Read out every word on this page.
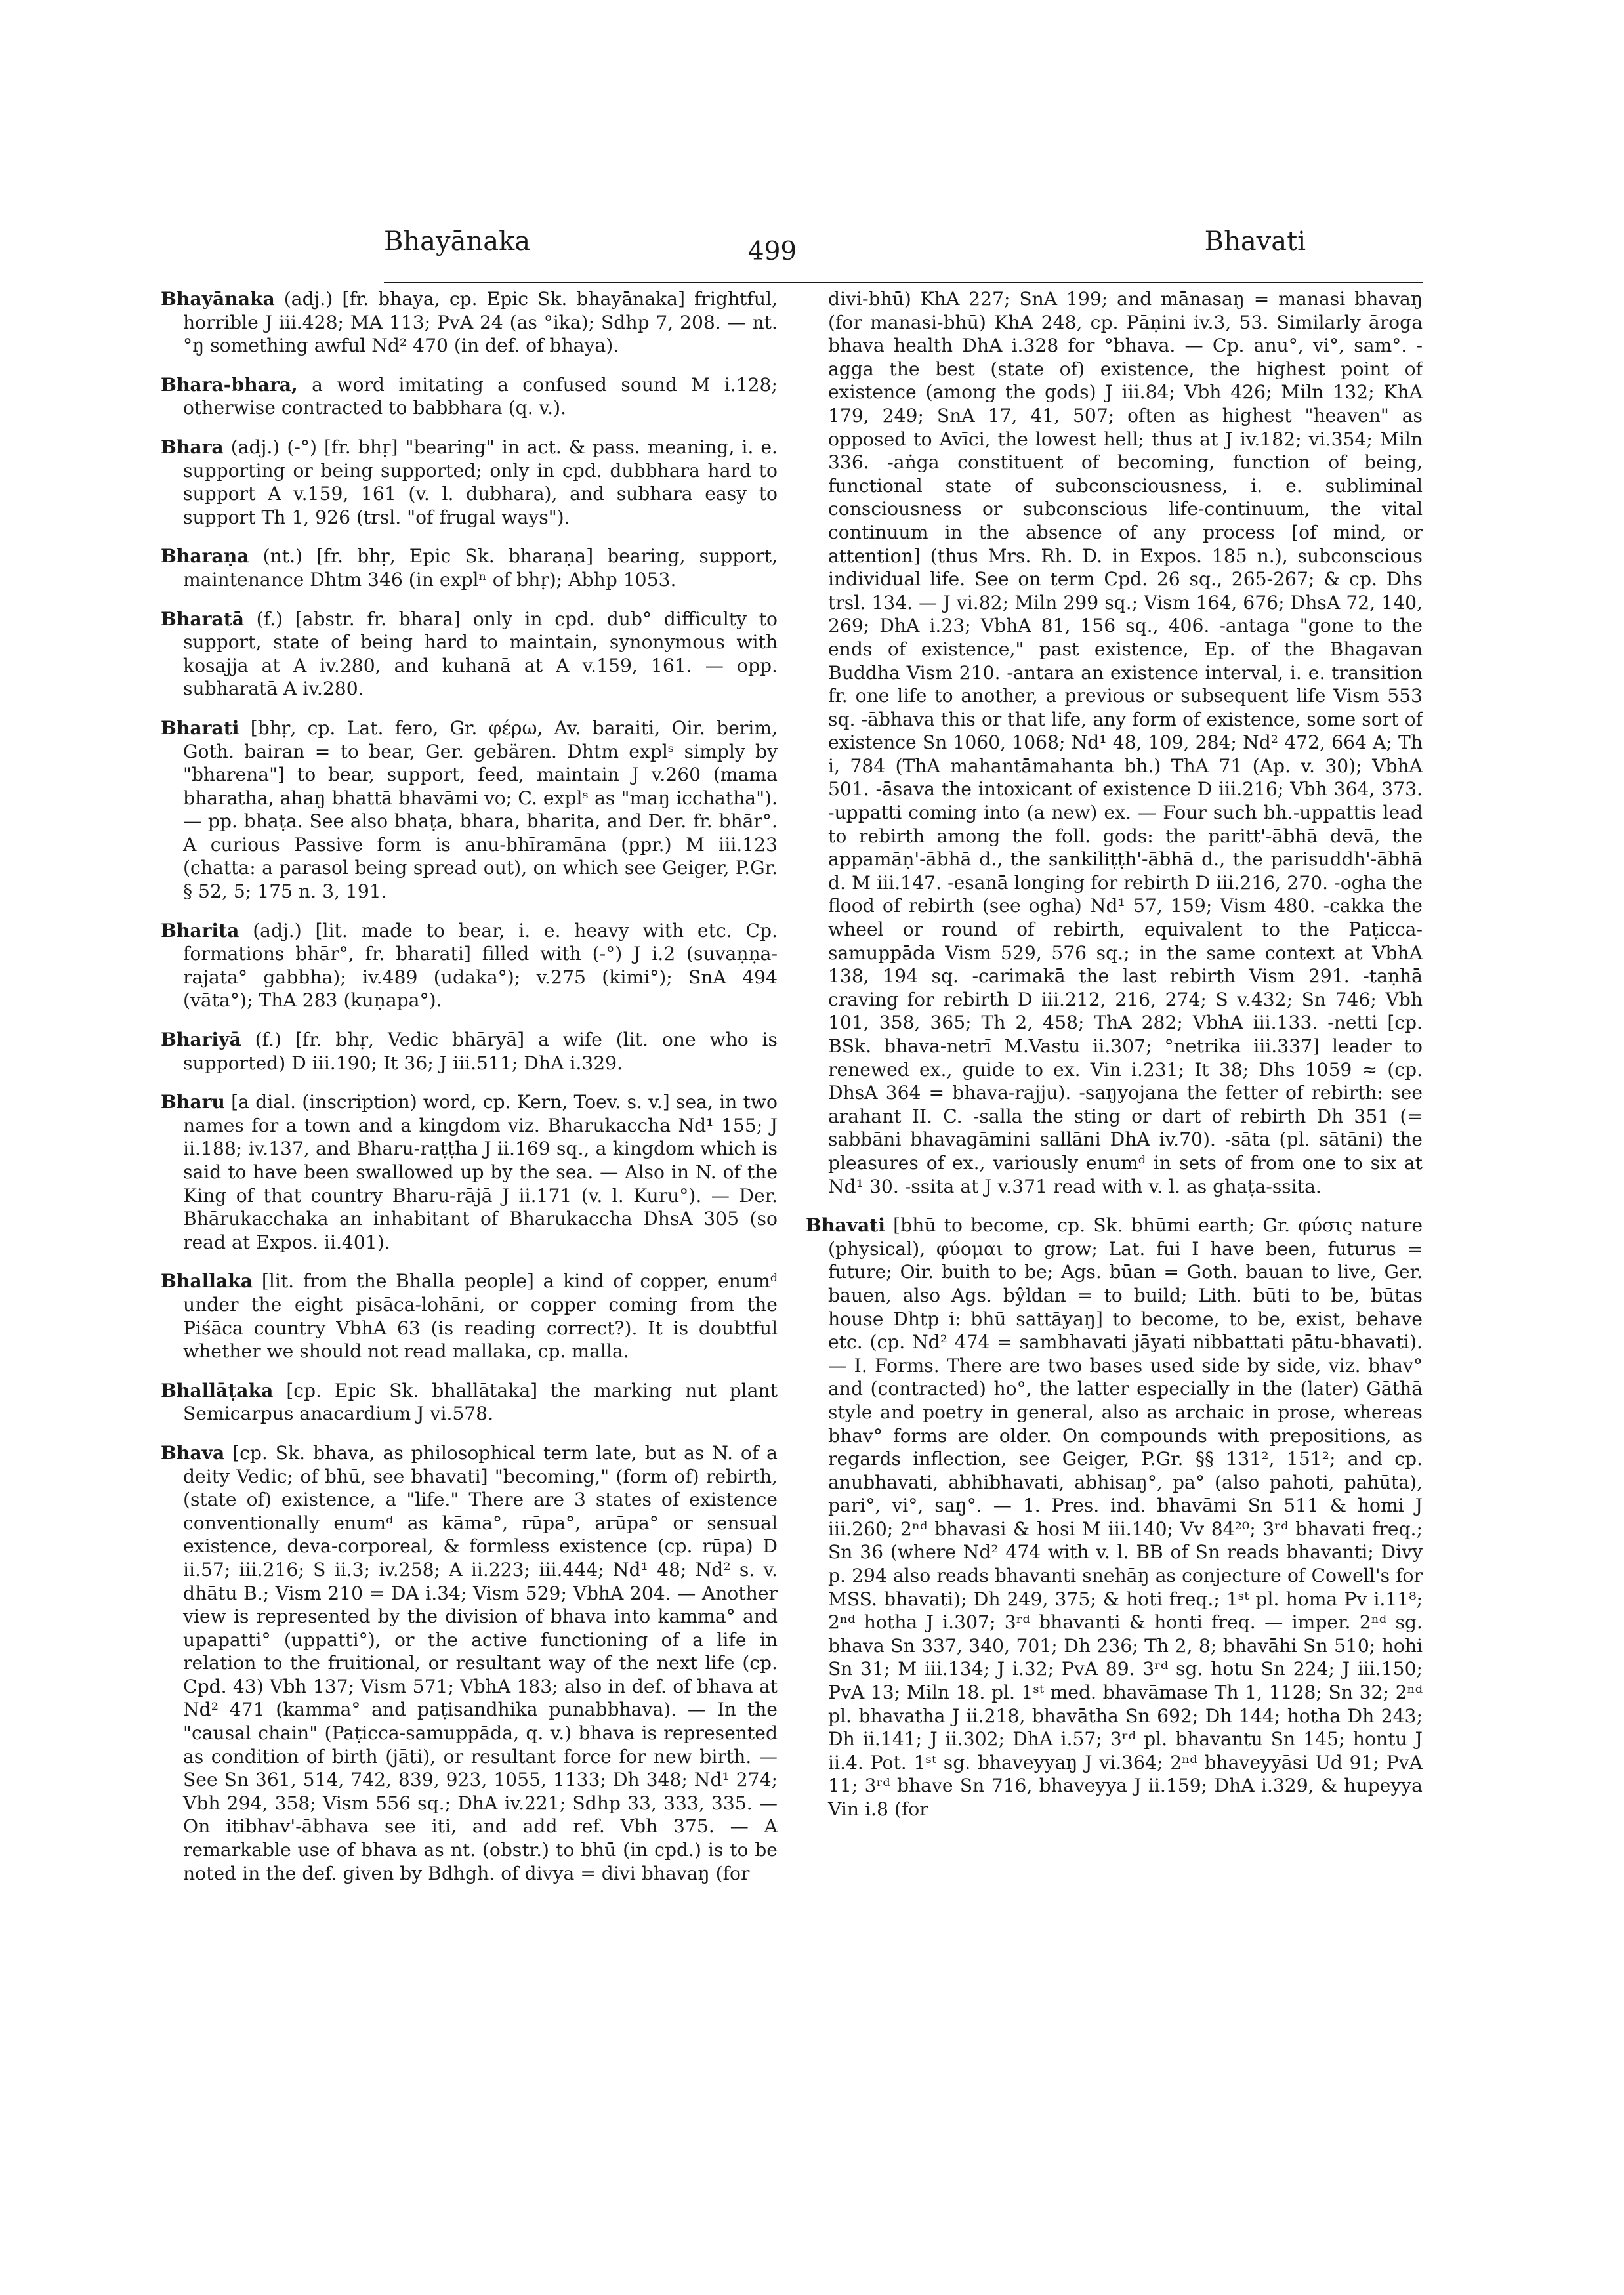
Bhayānaka	499	Bhavati

Bhayānaka (adj.) [fr. bhaya, cp. Epic Sk. bhayānaka] frightful, horrible J iii.428; MA 113; PvA 24 (as °ika); Sdhp 7, 208. — nt. °ŋ something awful Nd² 470 (in def. of bhaya).

Bhara-bhara, a word imitating a confused sound M i.128; otherwise contracted to babbhara (q. v.).

Bhara (adj.) (-°) [fr. bhṛ] "bearing" in act. & pass. meaning, i. e. supporting or being supported; only in cpd. dubbhara hard to support A v.159, 161 (v. l. dubhara), and subhara easy to support Th 1, 926 (trsl. "of frugal ways").

Bharaṇa (nt.) [fr. bhṛ, Epic Sk. bharaṇa] bearing, support, maintenance Dhtm 346 (in explⁿ of bhṛ); Abhp 1053.

Bharatā (f.) [abstr. fr. bhara] only in cpd. dub° difficulty to support, state of being hard to maintain, synonymous with kosajja at A iv.280, and kuhanā at A v.159, 161. — opp. subharatā A iv.280.

Bharati [bhṛ, cp. Lat. fero, Gr. φέρω, Av. baraiti, Oir. berim, Goth. bairan = to bear, Ger. gebären. Dhtm explˢ simply by "bharena"] to bear, support, feed, maintain J v.260 (mama bharatha, ahaŋ bhattā bhavāmi vo; C. explˢ as "maŋ icchatha"). — pp. bhaṭa. See also bhaṭa, bhara, bharita, and Der. fr. bhār°. A curious Passive form is anu-bhīramāna (ppr.) M iii.123 (chatta: a parasol being spread out), on which see Geiger, P.Gr. § 52, 5; 175 n. 3, 191.

Bharita (adj.) [lit. made to bear, i. e. heavy with etc. Cp. formations bhār°, fr. bharati] filled with (-°) J i.2 (suvaṇṇa-rajata° gabbha); iv.489 (udaka°); v.275 (kimi°); SnA 494 (vāta°); ThA 283 (kuṇapa°).

Bhariyā (f.) [fr. bhṛ, Vedic bhāryā] a wife (lit. one who is supported) D iii.190; It 36; J iii.511; DhA i.329.

Bharu [a dial. (inscription) word, cp. Kern, Toev. s. v.] sea, in two names for a town and a kingdom viz. Bharukaccha Nd¹ 155; J ii.188; iv.137, and Bharu-raṭṭha J ii.169 sq., a kingdom which is said to have been swallowed up by the sea. — Also in N. of the King of that country Bharu-rājā J ii.171 (v. l. Kuru°). — Der. Bhārukacchaka an inhabitant of Bharukaccha DhsA 305 (so read at Expos. ii.401).

Bhallaka [lit. from the Bhalla people] a kind of copper, enumᵈ under the eight pisāca-lohāni, or copper coming from the Piśāca country VbhA 63 (is reading correct?). It is doubtful whether we should not read mallaka, cp. malla.

Bhallāṭaka [cp. Epic Sk. bhallātaka] the marking nut plant Semicarpus anacardium J vi.578.

Bhava [cp. Sk. bhava, as philosophical term late, but as N. of a deity Vedic; of bhū, see bhavati] "becoming," (form of) rebirth, (state of) existence, a "life." There are 3 states of existence conventionally enumᵈ as kāma°, rūpa°, arūpa° or sensual existence, deva-corporeal, & formless existence (cp. rūpa) D ii.57; iii.216; S ii.3; iv.258; A ii.223; iii.444; Nd¹ 48; Nd² s. v. dhātu B.; Vism 210 = DA i.34; Vism 529; VbhA 204. — Another view is represented by the division of bhava into kamma° and upapatti° (uppatti°), or the active functioning of a life in relation to the fruitional, or resultant way of the next life (cp. Cpd. 43) Vbh 137; Vism 571; VbhA 183; also in def. of bhava at Nd² 471 (kamma° and paṭisandhika punabbhava). — In the "causal chain" (Paṭicca-samuppāda, q. v.) bhava is represented as condition of birth (jāti), or resultant force for new birth. — See Sn 361, 514, 742, 839, 923, 1055, 1133; Dh 348; Nd¹ 274; Vbh 294, 358; Vism 556 sq.; DhA iv.221; Sdhp 33, 333, 335. — On itibhav'-ābhava see iti, and add ref. Vbh 375. — A remarkable use of bhava as nt. (obstr.) to bhū (in cpd.) is to be noted in the def. given by Bdhgh. of divya = divi bhavaŋ (for

divi-bhū) KhA 227; SnA 199; and mānasaŋ = manasi bhavaŋ (for manasi-bhū) KhA 248, cp. Pāṇini iv.3, 53. Similarly āroga bhava health DhA i.328 for °bhava. — Cp. anu°, vi°, sam°. -agga the best (state of) existence, the highest point of existence (among the gods) J iii.84; Vbh 426; Miln 132; KhA 179, 249; SnA 17, 41, 507; often as highest "heaven" as opposed to Avīci, the lowest hell; thus at J iv.182; vi.354; Miln 336. -aṅga constituent of becoming, function of being, functional state of subconsciousness, i. e. subliminal consciousness or subconscious life-continuum, the vital continuum in the absence of any process [of mind, or attention] (thus Mrs. Rh. D. in Expos. 185 n.), subconscious individual life. See on term Cpd. 26 sq., 265-267; & cp. Dhs trsl. 134. — J vi.82; Miln 299 sq.; Vism 164, 676; DhsA 72, 140, 269; DhA i.23; VbhA 81, 156 sq., 406. -antaga "gone to the ends of existence," past existence, Ep. of the Bhagavan Buddha Vism 210. -antara an existence interval, i. e. transition fr. one life to another, a previous or subsequent life Vism 553 sq. -ābhava this or that life, any form of existence, some sort of existence Sn 1060, 1068; Nd¹ 48, 109, 284; Nd² 472, 664 A; Th i, 784 (ThA mahantāmahanta bh.) ThA 71 (Ap. v. 30); VbhA 501. -āsava the intoxicant of existence D iii.216; Vbh 364, 373. -uppatti coming into (a new) ex. — Four such bh.-uppattis lead to rebirth among the foll. gods: the paritt'-ābhā devā, the appamāṇ'-ābhā d., the sankiliṭṭh'-ābhā d., the parisuddh'-ābhā d. M iii.147. -esanā longing for rebirth D iii.216, 270. -ogha the flood of rebirth (see ogha) Nd¹ 57, 159; Vism 480. -cakka the wheel or round of rebirth, equivalent to the Paṭicca-samuppāda Vism 529, 576 sq.; in the same context at VbhA 138, 194 sq. -carimakā the last rebirth Vism 291. -taṇhā craving for rebirth D iii.212, 216, 274; S v.432; Sn 746; Vbh 101, 358, 365; Th 2, 458; ThA 282; VbhA iii.133. -netti [cp. BSk. bhava-netrī M.Vastu ii.307; °netrika iii.337] leader to renewed ex., guide to ex. Vin i.231; It 38; Dhs 1059 ≈ (cp. DhsA 364 = bhava-rajju). -saŋyojana the fetter of rebirth: see arahant II. C. -salla the sting or dart of rebirth Dh 351 (= sabbāni bhavagāmini sallāni DhA iv.70). -sāta (pl. sātāni) the pleasures of ex., variously enumᵈ in sets of from one to six at Nd¹ 30. -ssita at J v.371 read with v. l. as ghaṭa-ssita.

Bhavati [bhū to become, cp. Sk. bhūmi earth; Gr. φύσις nature (physical), φύομαι to grow; Lat. fui I have been, futurus = future; Oir. buith to be; Ags. būan = Goth. bauan to live, Ger. bauen, also Ags. bŷldan = to build; Lith. būti to be, būtas house Dhtp i: bhū sattāyaŋ] to become, to be, exist, behave etc. (cp. Nd² 474 = sambhavati jāyati nibbattati pātu-bhavati). — I. Forms. There are two bases used side by side, viz. bhav° and (contracted) ho°, the latter especially in the (later) Gāthā style and poetry in general, also as archaic in prose, whereas bhav° forms are older. On compounds with prepositions, as regards inflection, see Geiger, P.Gr. §§ 131², 151²; and cp. anubhavati, abhibhavati, abhisaŋ°, pa° (also pahoti, pahūta), pari°, vi°, saŋ°. — 1. Pres. ind. bhavāmi Sn 511 & homi J iii.260; 2ⁿᵈ bhavasi & hosi M iii.140; Vv 84²⁰; 3ʳᵈ bhavati freq.; Sn 36 (where Nd² 474 with v. l. BB of Sn reads bhavanti; Divy p. 294 also reads bhavanti snehāŋ as conjecture of Cowell's for MSS. bhavati); Dh 249, 375; & hoti freq.; 1ˢᵗ pl. homa Pv i.11⁸; 2ⁿᵈ hotha J i.307; 3ʳᵈ bhavanti & honti freq. — imper. 2ⁿᵈ sg. bhava Sn 337, 340, 701; Dh 236; Th 2, 8; bhavāhi Sn 510; hohi Sn 31; M iii.134; J i.32; PvA 89. 3ʳᵈ sg. hotu Sn 224; J iii.150; PvA 13; Miln 18. pl. 1ˢᵗ med. bhavāmase Th 1, 1128; Sn 32; 2ⁿᵈ pl. bhavatha J ii.218, bhavātha Sn 692; Dh 144; hotha Dh 243; Dh ii.141; J ii.302; DhA i.57; 3ʳᵈ pl. bhavantu Sn 145; hontu J ii.4. Pot. 1ˢᵗ sg. bhaveyyaŋ J vi.364; 2ⁿᵈ bhaveyyāsi Ud 91; PvA 11; 3ʳᵈ bhave Sn 716, bhaveyya J ii.159; DhA i.329, & hupeyya Vin i.8 (for
